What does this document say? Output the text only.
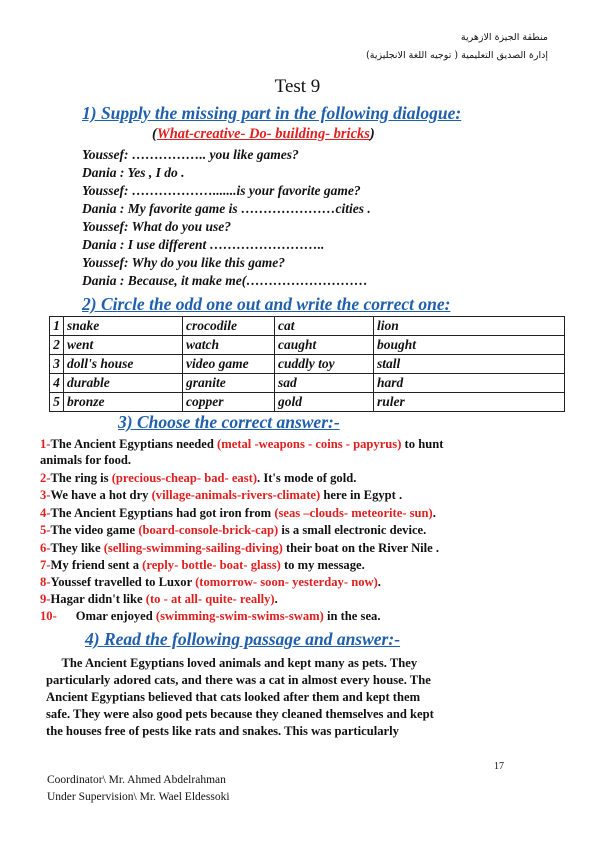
منطقة الجيزة الازهرية
إدارة الصديق التعليمية ( توجيه اللغة الانجليزية)
Test 9
1) Supply the missing part in the following dialogue:
(What-creative- Do- building- bricks)
Youssef: …………….. you like games?
Dania : Yes , I do .
Youssef: ……………….......is your favorite game?
Dania : My favorite game is …………………cities .
Youssef: What do you use?
Dania : I use different ……………………..
Youssef: Why do you like this game?
Dania : Because, it make me(………………………
2) Circle the odd one out and write the correct one:
1	snake	crocodile	cat	lion
2	went	watch	caught	bought
3	doll's house	video game	cuddly toy	stall
4	durable	granite	sad	hard
5	bronze	copper	gold	ruler
3) Choose the correct answer:-
1-The Ancient Egyptians needed (metal -weapons - coins - papyrus) to hunt
animals for food.
2-The ring is (precious-cheap- bad- east). It's mode of gold.
3-We have a hot dry (village-animals-rivers-climate) here in Egypt .
4-The Ancient Egyptians had got iron from (seas –clouds- meteorite- sun).
5-The video game (board-console-brick-cap) is a small electronic device.
6-They like (selling-swimming-sailing-diving) their boat on the River Nile .
7-My friend sent a (reply- bottle- boat- glass) to my message.
8-Youssef travelled to Luxor (tomorrow- soon- yesterday- now).
9-Hagar didn't like (to - at all- quite- really).
10-      Omar enjoyed (swimming-swim-swims-swam) in the sea.
4) Read the following passage and answer:-
The Ancient Egyptians loved animals and kept many as pets. They
particularly adored cats, and there was a cat in almost every house. The
Ancient Egyptians believed that cats looked after them and kept them
safe. They were also good pets because they cleaned themselves and kept
the houses free of pests like rats and snakes. This was particularly
17
Coordinator\ Mr. Ahmed Abdelrahman
Under Supervision\ Mr. Wael Eldessoki
